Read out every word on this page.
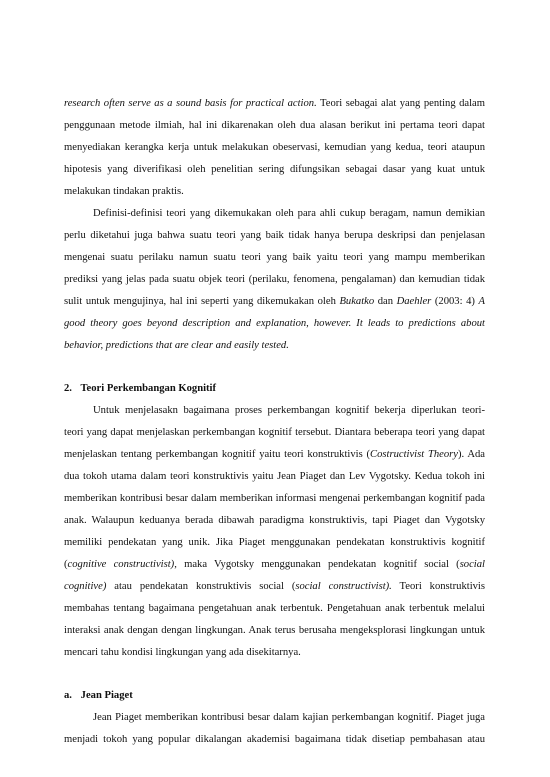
research often serve as a sound basis for practical action. Teori sebagai alat yang penting dalam
penggunaan metode ilmiah, hal ini dikarenakan oleh dua alasan berikut ini pertama teori dapat
menyediakan kerangka kerja untuk melakukan obeservasi, kemudian yang kedua, teori ataupun
hipotesis yang diverifikasi oleh penelitian sering difungsikan sebagai dasar yang kuat untuk
melakukan tindakan praktis.
Definisi-definisi teori yang dikemukakan oleh para ahli cukup beragam, namun demikian
perlu diketahui juga bahwa suatu teori yang baik tidak hanya berupa deskripsi dan penjelasan
mengenai suatu perilaku namun suatu teori yang baik yaitu teori yang mampu memberikan
prediksi yang jelas pada suatu objek teori (perilaku, fenomena, pengalaman) dan kemudian tidak
sulit untuk mengujinya, hal ini seperti yang dikemukakan oleh Bukatko dan Daehler (2003: 4) A
good theory goes beyond description and explanation, however. It leads to predictions about
behavior, predictions that are clear and easily tested.
2. Teori Perkembangan Kognitif
Untuk menjelasakn bagaimana proses perkembangan kognitif bekerja diperlukan teori-
teori yang dapat menjelaskan perkembangan kognitif tersebut. Diantara beberapa teori yang dapat
menjelaskan tentang perkembangan kognitif yaitu teori konstruktivis (Costructivist Theory). Ada
dua tokoh utama dalam teori konstruktivis yaitu Jean Piaget dan Lev Vygotsky. Kedua tokoh ini
memberikan kontribusi besar dalam memberikan informasi mengenai perkembangan kognitif pada
anak. Walaupun keduanya berada dibawah paradigma konstruktivis, tapi Piaget dan Vygotsky
memiliki pendekatan yang unik. Jika Piaget menggunakan pendekatan konstruktivis kognitif
(cognitive constructivist), maka Vygotsky menggunakan pendekatan kognitif social (social
cognitive) atau pendekatan konstruktivis social (social constructivist). Teori konstruktivis
membahas tentang bagaimana pengetahuan anak terbentuk. Pengetahuan anak terbentuk melalui
interaksi anak dengan dengan lingkungan. Anak terus berusaha mengeksplorasi lingkungan untuk
mencari tahu kondisi lingkungan yang ada disekitarnya.
a. Jean Piaget
Jean Piaget memberikan kontribusi besar dalam kajian perkembangan kognitif. Piaget juga
menjadi tokoh yang popular dikalangan akademisi bagaimana tidak disetiap pembahasan atau
